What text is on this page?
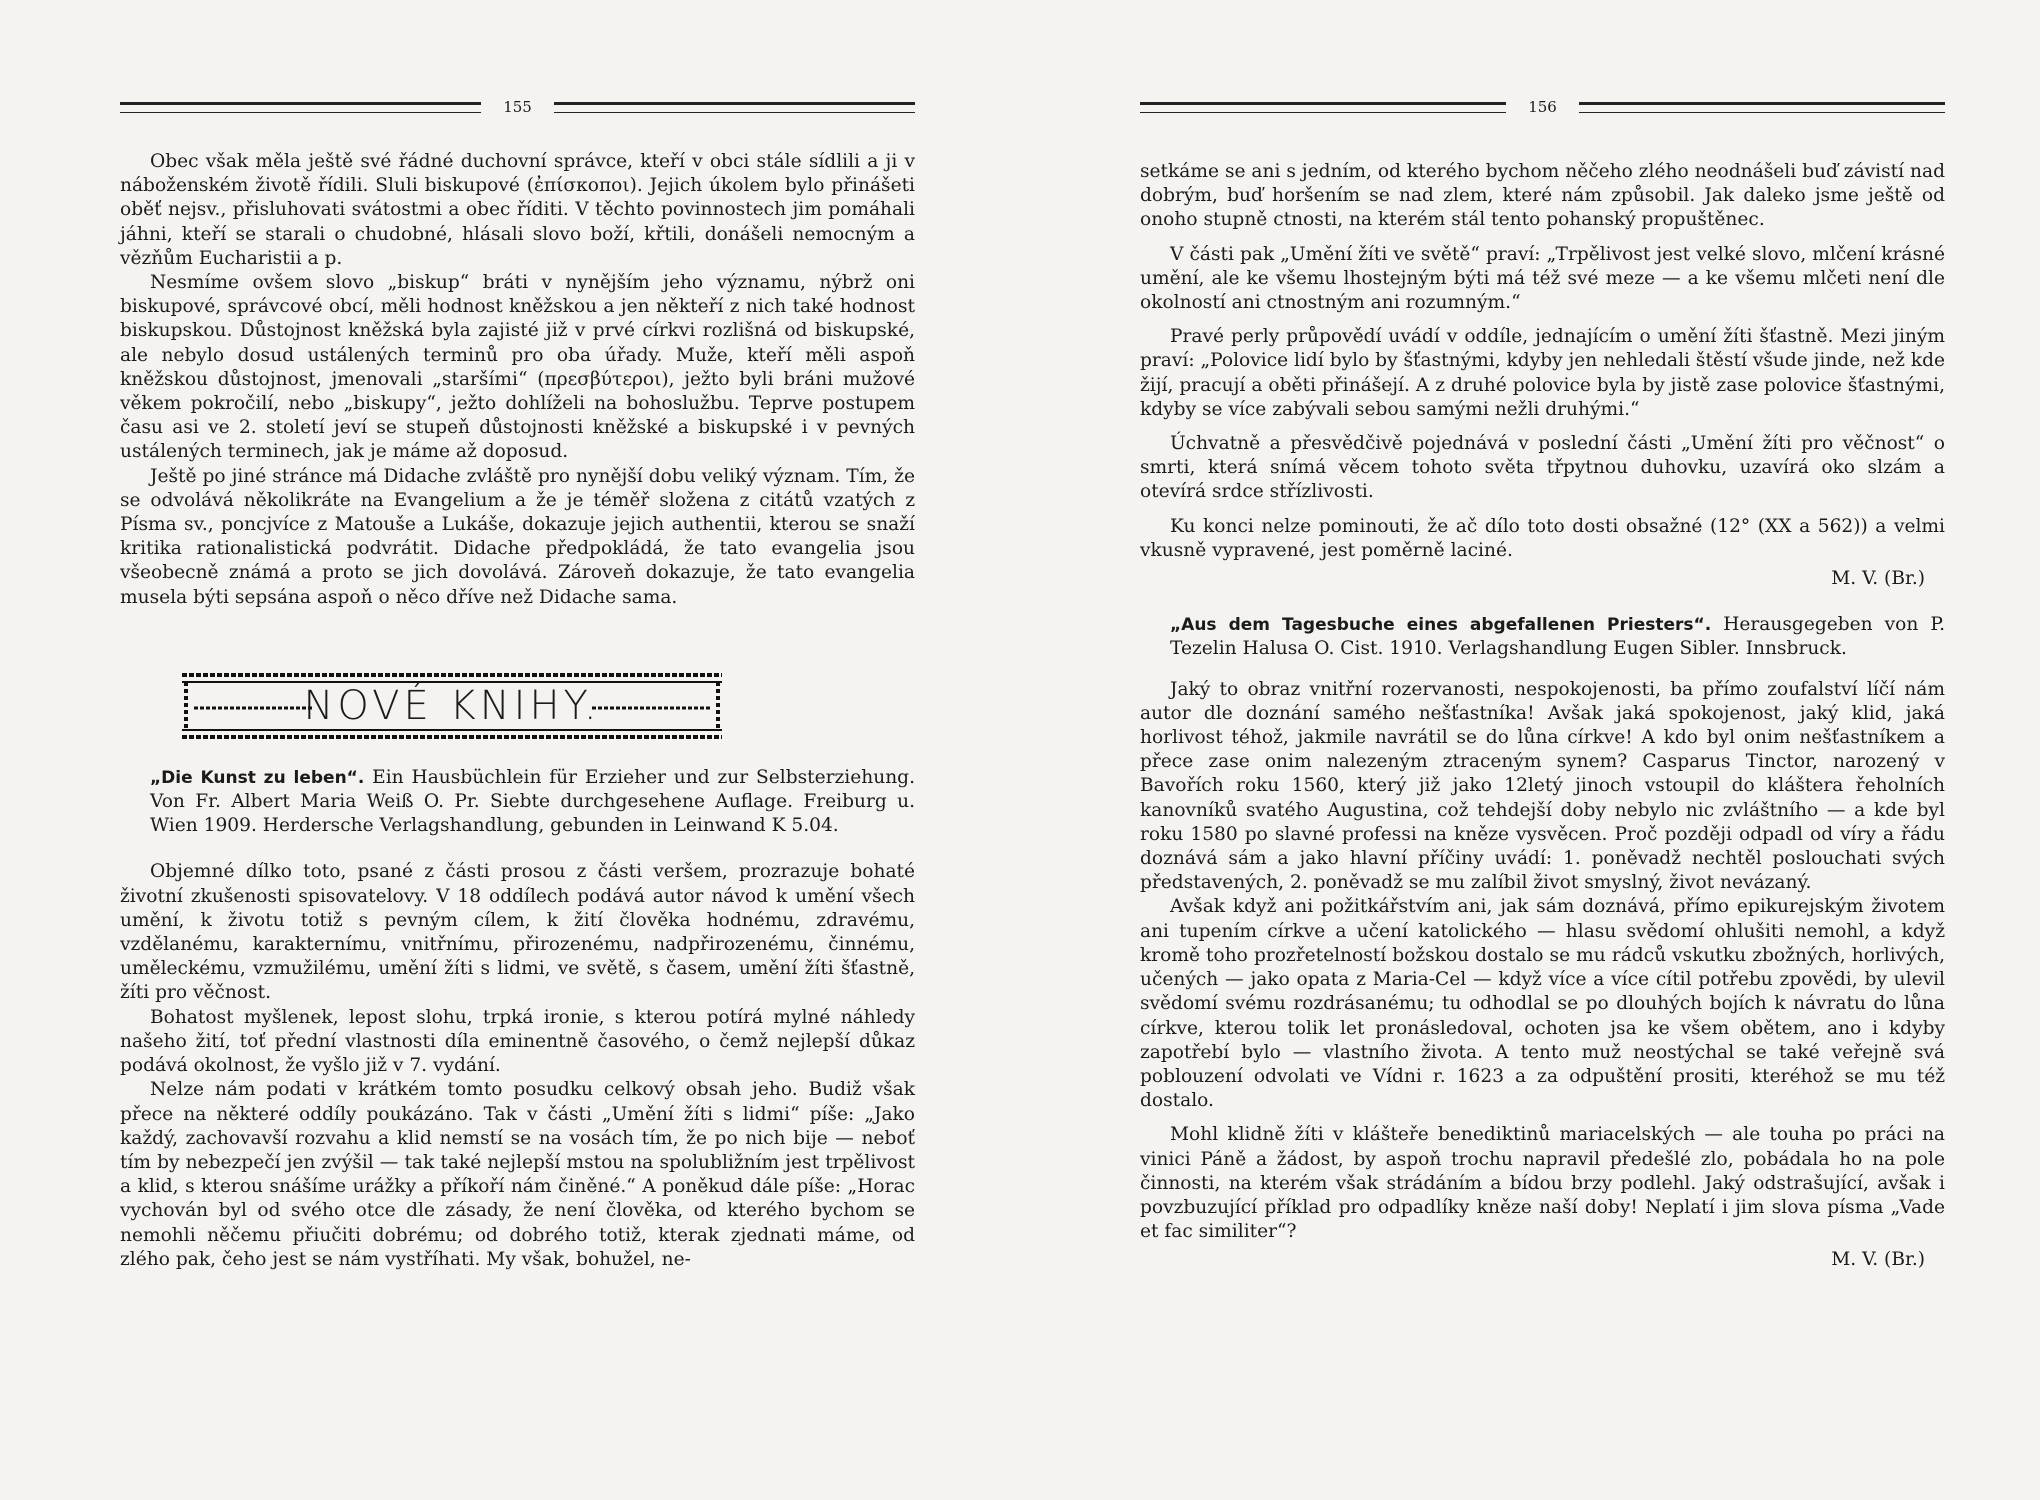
155

Obec však měla ještě své řádné duchovní správce, kteří v obci stále sídlili a ji v náboženském životě řídili. Sluli biskupové (ἐπίσκοποι). Jejich úkolem bylo přinášeti oběť nejsv., přisluhovati svátostmi a obec říditi. V těchto povinnostech jim pomáhali jáhni, kteří se starali o chudobné, hlásali slovo boží, křtili, donášeli nemocným a vězňům Eucharistii a p.

Nesmíme ovšem slovo „biskup“ bráti v nynějším jeho významu, nýbrž oni biskupové, správcové obcí, měli hodnost kněžskou a jen někteří z nich také hodnost biskupskou. Důstojnost kněžská byla zajisté již v prvé církvi rozlišná od biskupské, ale nebylo dosud ustálených terminů pro oba úřady. Muže, kteří měli aspoň kněžskou důstojnost, jmenovali „staršími“ (πρεσβύτεροι), ježto byli bráni mužové věkem pokročilí, nebo „biskupy“, ježto dohlíželi na bohoslužbu. Teprve postupem času asi ve 2. století jeví se stupeň důstojnosti kněžské a biskupské i v pevných ustálených terminech, jak je máme až doposud.

Ještě po jiné stránce má Didache zvláště pro nynější dobu veliký význam. Tím, že se odvolává několikráte na Evangelium a že je téměř složena z citátů vzatých z Písma sv., poncjvíce z Matouše a Lukáše, dokazuje jejich authentii, kterou se snaží kritika rationalistická podvrátit. Didache předpokládá, že tato evangelia jsou všeobecně známá a proto se jich dovolává. Zároveň dokazuje, že tato evangelia musela býti sepsána aspoň o něco dříve než Didache sama.

NOVÉ KNIHY.

„Die Kunst zu leben“. Ein Hausbüchlein für Erzieher und zur Selbsterziehung. Von Fr. Albert Maria Weiß O. Pr. Siebte durchgesehene Auflage. Freiburg u. Wien 1909. Herdersche Verlagshandlung, gebunden in Leinwand K 5.04.

Objemné dílko toto, psané z části prosou z části veršem, prozrazuje bohaté životní zkušenosti spisovatelovy. V 18 oddílech podává autor návod k umění všech umění, k životu totiž s pevným cílem, k žití člověka hodnému, zdravému, vzdělanému, karakternímu, vnitřnímu, přirozenému, nadpřirozenému, činnému, uměleckému, vzmužilému, umění žíti s lidmi, ve světě, s časem, umění žíti šťastně, žíti pro věčnost.

Bohatost myšlenek, lepost slohu, trpká ironie, s kterou potírá mylné náhledy našeho žití, toť přední vlastnosti díla eminentně časového, o čemž nejlepší důkaz podává okolnost, že vyšlo již v 7. vydání.

Nelze nám podati v krátkém tomto posudku celkový obsah jeho. Budiž však přece na některé oddíly poukázáno. Tak v části „Umění žíti s lidmi“ píše: „Jako každý, zachovavší rozvahu a klid nemstí se na vosách tím, že po nich bije — neboť tím by nebezpečí jen zvýšil — tak také nejlepší mstou na spolubližním jest trpělivost a klid, s kterou snášíme urážky a příkoří nám činěné.“ A poněkud dále píše: „Horac vychován byl od svého otce dle zásady, že není člověka, od kterého bychom se nemohli něčemu přiučiti dobrému; od dobrého totiž, kterak zjednati máme, od zlého pak, čeho jest se nám vystříhati. My však, bohužel, ne-

156

setkáme se ani s jedním, od kterého bychom něčeho zlého neodnášeli buď závistí nad dobrým, buď horšením se nad zlem, které nám způsobil. Jak daleko jsme ještě od onoho stupně ctnosti, na kterém stál tento pohanský propuštěnec.

V části pak „Umění žíti ve světě“ praví: „Trpělivost jest velké slovo, mlčení krásné umění, ale ke všemu lhostejným býti má též své meze — a ke všemu mlčeti není dle okolností ani ctnostným ani rozumným.“

Pravé perly průpovědí uvádí v oddíle, jednajícím o umění žíti šťastně. Mezi jiným praví: „Polovice lidí bylo by šťastnými, kdyby jen nehledali štěstí všude jinde, než kde žijí, pracují a oběti přinášejí. A z druhé polovice byla by jistě zase polovice šťastnými, kdyby se více zabývali sebou samými nežli druhými.“

Úchvatně a přesvědčivě pojednává v poslední části „Umění žíti pro věčnost“ o smrti, která snímá věcem tohoto světa třpytnou duhovku, uzavírá oko slzám a otevírá srdce střízlivosti.

Ku konci nelze pominouti, že ač dílo toto dosti obsažné (12° (XX a 562)) a velmi vkusně vypravené, jest poměrně laciné.

M. V. (Br.)

„Aus dem Tagesbuche eines abgefallenen Priesters“. Herausgegeben von P. Tezelin Halusa O. Cist. 1910. Verlagshandlung Eugen Sibler. Innsbruck.

Jaký to obraz vnitřní rozervanosti, nespokojenosti, ba přímo zoufalství líčí nám autor dle doznání samého nešťastníka! Avšak jaká spokojenost, jaký klid, jaká horlivost téhož, jakmile navrátil se do lůna církve! A kdo byl onim nešťastníkem a přece zase onim nalezeným ztraceným synem? Casparus Tinctor, narozený v Bavořích roku 1560, který již jako 12letý jinoch vstoupil do kláštera řeholních kanovníků svatého Augustina, což tehdejší doby nebylo nic zvláštního — a kde byl roku 1580 po slavné professi na kněze vysvěcen. Proč později odpadl od víry a řádu doznává sám a jako hlavní příčiny uvádí: 1. poněvadž nechtěl poslouchati svých představených, 2. poněvadž se mu zalíbil život smyslný, život nevázaný.

Avšak když ani požitkářstvím ani, jak sám doznává, přímo epikurejským životem ani tupením církve a učení katolického — hlasu svědomí ohlušiti nemohl, a když kromě toho prozřetelností božskou dostalo se mu rádců vskutku zbožných, horlivých, učených — jako opata z Maria-Cel — když více a více cítil potřebu zpovědi, by ulevil svědomí svému rozdrásanému; tu odhodlal se po dlouhých bojích k návratu do lůna církve, kterou tolik let pronásledoval, ochoten jsa ke všem obětem, ano i kdyby zapotřebí bylo — vlastního života. A tento muž neostýchal se také veřejně svá poblouzení odvolati ve Vídni r. 1623 a za odpuštění prositi, kteréhož se mu též dostalo.

Mohl klidně žíti v klášteře benediktinů mariacelských — ale touha po práci na vinici Páně a žádost, by aspoň trochu napravil předešlé zlo, pobádala ho na pole činnosti, na kterém však strádáním a bídou brzy podlehl. Jaký odstrašující, avšak i povzbuzující příklad pro odpadlíky kněze naší doby! Neplatí i jim slova písma „Vade et fac similiter“?

M. V. (Br.)
